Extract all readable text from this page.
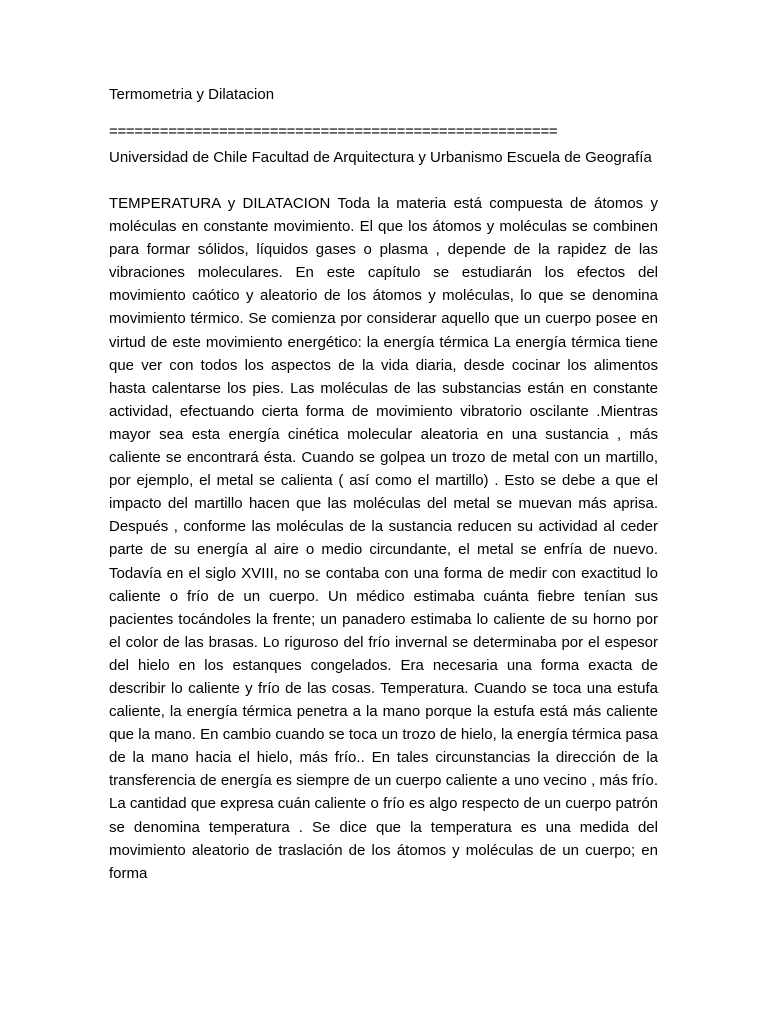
Termometria y Dilatacion

=====================================================

Universidad de Chile Facultad de Arquitectura y Urbanismo Escuela de Geografía

TEMPERATURA y DILATACION Toda la materia está compuesta de átomos y moléculas en constante movimiento. El que los átomos y moléculas se combinen para formar sólidos, líquidos gases o plasma , depende de la rapidez de las vibraciones moleculares. En este capítulo se estudiarán los efectos del movimiento caótico y aleatorio de los átomos y moléculas, lo que se denomina movimiento térmico. Se comienza por considerar aquello que un cuerpo posee en virtud de este movimiento energético: la energía térmica La energía térmica tiene que ver con todos los aspectos de la vida diaria, desde cocinar los alimentos hasta calentarse los pies. Las moléculas de las substancias están en constante actividad, efectuando cierta forma de movimiento vibratorio oscilante .Mientras mayor sea esta energía cinética molecular aleatoria en una sustancia , más caliente se encontrará ésta. Cuando se golpea un trozo de metal con un martillo, por ejemplo, el metal se calienta ( así como el martillo) . Esto se debe a que el impacto del martillo hacen que las moléculas del metal se muevan más aprisa. Después , conforme las moléculas de la sustancia reducen su actividad al ceder parte de su energía al aire o medio circundante, el metal se enfría de nuevo. Todavía en el siglo XVIII, no se contaba con una forma de medir con exactitud lo caliente o frío de un cuerpo. Un médico estimaba cuánta fiebre tenían sus pacientes tocándoles la frente; un panadero estimaba lo caliente de su horno por el color de las brasas. Lo riguroso del frío invernal se determinaba por el espesor del hielo en los estanques congelados. Era necesaria una forma exacta de describir lo caliente y frío de las cosas. Temperatura. Cuando se toca una estufa caliente, la energía térmica penetra a la mano porque la estufa está más caliente que la mano. En cambio cuando se toca un trozo de hielo, la energía térmica pasa de la mano hacia el hielo, más frío.. En tales circunstancias la dirección de la transferencia de energía es siempre de un cuerpo caliente a uno vecino , más frío. La cantidad que expresa cuán caliente o frío es algo respecto de un cuerpo patrón se denomina temperatura . Se dice que la temperatura es una medida del movimiento aleatorio de traslación de los átomos y moléculas de un cuerpo; en forma
